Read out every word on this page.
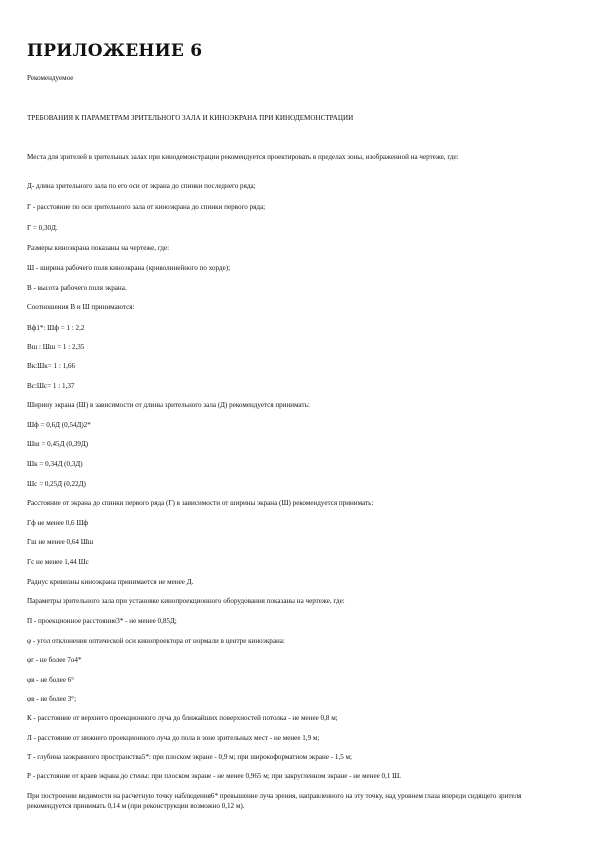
ПРИЛОЖЕНИЕ 6

Рекомендуемое

ТРЕБОВАНИЯ К ПАРАМЕТРАМ ЗРИТЕЛЬНОГО ЗАЛА И КИНОЭКРАНА ПРИ КИНОДЕМОНСТРАЦИИ

Места для зрителей в зрительных залах при кинодемонстрации рекомендуется проектировать в пределах зоны, изображенной на чертеже, где:

Д- длина зрительного зала по его оси от экрана до спинки последнего ряда;

Г - расстояние по оси зрительного зала от киноэкрана до спинки первого ряда;

Г = 0,30Д.

Размеры киноэкрана показаны на чертеже, где:

Ш - ширина рабочего поля киноэкрана (криволинейного по хорде);

В - высота рабочего поля экрана.

Соотношения В и Ш принимаются:

Вф1*: Шф = 1 : 2,2

Вш : Шш = 1 : 2,35

Вк:Шк= 1 : 1,66

Вс:Шс= 1 : 1,37

Ширину экрана (Ш) в зависимости от длины зрительного зала (Д) рекомендуется принимать:

Шф = 0,6Д (0,54Д)2*

Шш = 0,45Д (0,39Д)

Шк = 0,34Д (0,3Д)

Шс = 0,25Д (0,22Д)

Расстояние от экрана до спинки первого ряда (Г) в зависимости от ширины экрана (Ш) рекомендуется принимать:

Гф не менее 0,6 Шф

Гш не менее 0,64 Шш

Гс не менее 1,44 Шс

Радиус кривизны киноэкрана принимается не менее Д.

Параметры зрительного зала при установке кинопроекционного оборудования показаны на чертеже, где:

П - проекционное расстояние3* - не менее 0,85Д;

φ - угол отклонения оптической оси кинопроектора от нормали в центре киноэкрана:

φг - не более 7о4*

φв - не более 6°

φв - не более 3°;

К - расстояние от верхнего проекционного луча до ближайших поверхностей потолка - не менее 0,8 м;

Л - расстояние от нижнего проекционного луча до пола в зоне зрительных мест - не менее 1,9 м;

Т - глубина заэкранного пространства5*: при плоском экране - 0,9 м; при широкоформатном экране - 1,5 м;

Р - расстояние от краев экрана до стены: при плоском экране - не менее 0,965 м; при закругленном экране - не менее 0,1 Ш.

При построении видимости на расчетную точку наблюдения6* превышение луча зрения, направленного на эту точку, над уровнем глаза впереди сидящего зрителя рекомендуется принимать 0,14 м (при реконструкции возможно 0,12 м).
